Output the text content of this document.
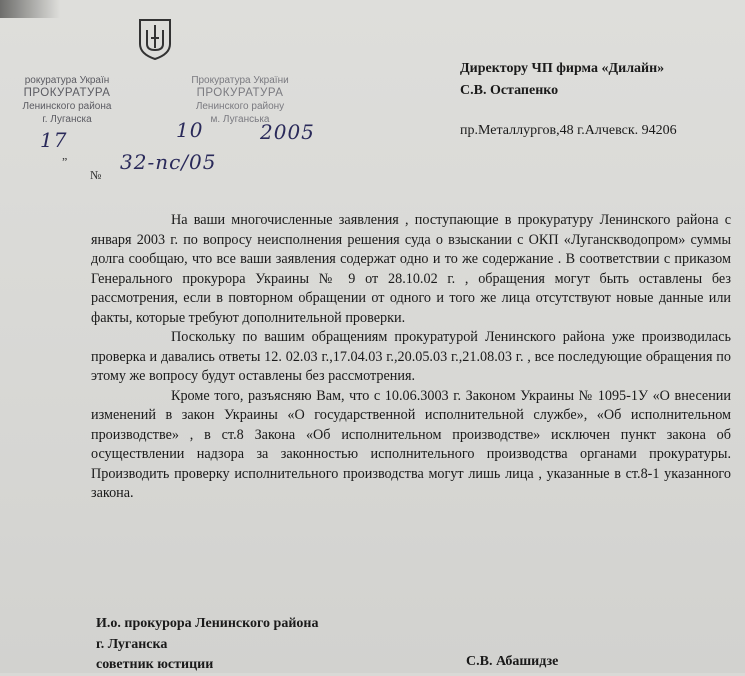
рокуратура Україн
ПРОКУРАТУРА
Ленинского района
г. Луганска
Прокуратура України
ПРОКУРАТУРА
Ленинского району
м. Луганська
17
„
10	2005
№
32-пс/05
Директору ЧП фирма «Дилайн»
С.В. Остапенко
пр.Металлургов,48 г.Алчевск. 94206

На ваши многочисленные заявления , поступающие в прокуратуру Ленинского района с января 2003 г. по вопросу неисполнения решения суда о взыскании с ОКП «Луганскводопром» суммы долга сообщаю, что все ваши заявления содержат одно и то же содержание . В соответствии с приказом Генерального прокурора Украины № 9 от 28.10.02 г. , обращения могут быть оставлены без рассмотрения, если в повторном обращении от одного и того же лица отсутствуют новые данные или факты, которые требуют дополнительной проверки.

Поскольку по вашим обращениям прокуратурой Ленинского района уже производилась проверка и давались ответы 12. 02.03 г.,17.04.03 г.,20.05.03 г.,21.08.03 г. , все последующие обращения по этому же вопросу будут оставлены без рассмотрения.

Кроме того, разъясняю Вам, что с 10.06.3003 г. Законом Украины № 1095-1У «О внесении изменений в закон Украины «О государственной исполнительной службе», «Об исполнительном производстве» , в ст.8 Закона «Об исполнительном производстве» исключен пункт закона об осуществлении надзора за законностью исполнительного производства органами прокуратуры. Производить проверку исполнительного производства могут лишь лица , указанные в ст.8-1 указанного закона.

И.о. прокурора Ленинского района
г. Луганска
советник юстиции	С.В. Абашидзе
